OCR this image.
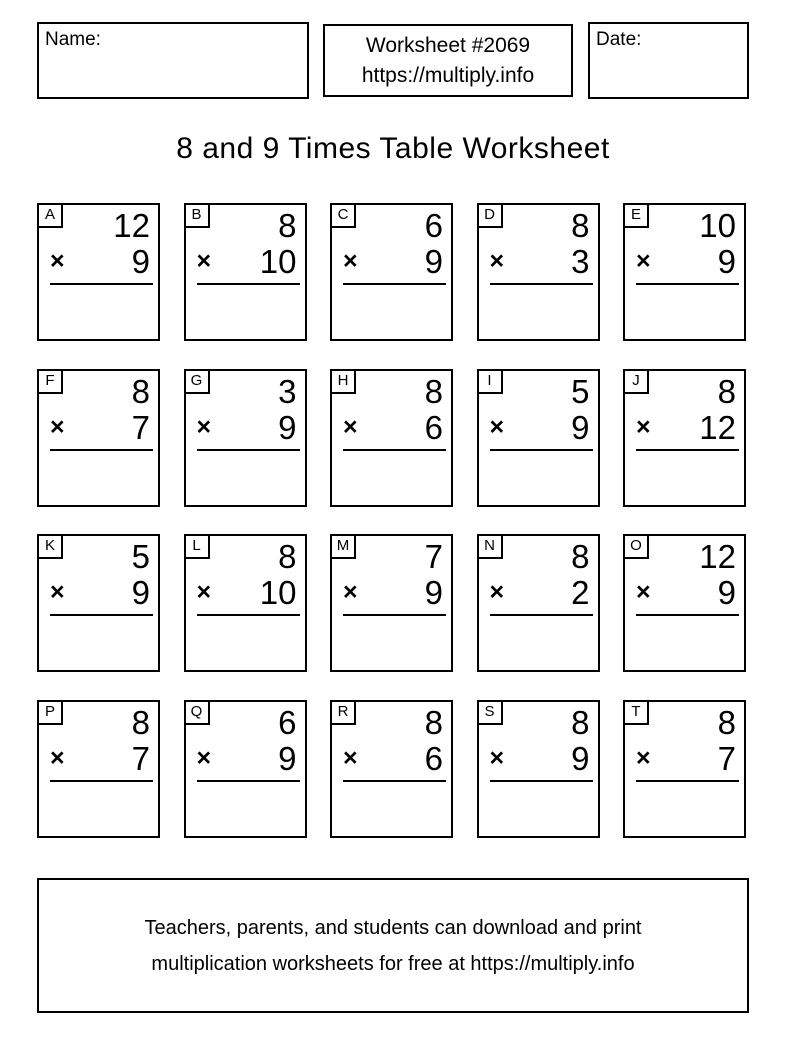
Name:	Worksheet #2069
https://multiply.info
Date:
8 and 9 Times Table Worksheet
A	12
× 9
B	8
× 10
C	6
× 9
D	8
× 3
E	10
× 9
F	8
× 7
G	3
× 9
H	8
× 6
I	5
× 9
J	8
× 12
K	5
× 9
L	8
× 10
M	7
× 9
N	8
× 2
O	12
× 9
P	8
× 7
Q	6
× 9
R	8
× 6
S	8
× 9
T	8
× 7
Teachers, parents, and students can download and print
multiplication worksheets for free at https://multiply.info
